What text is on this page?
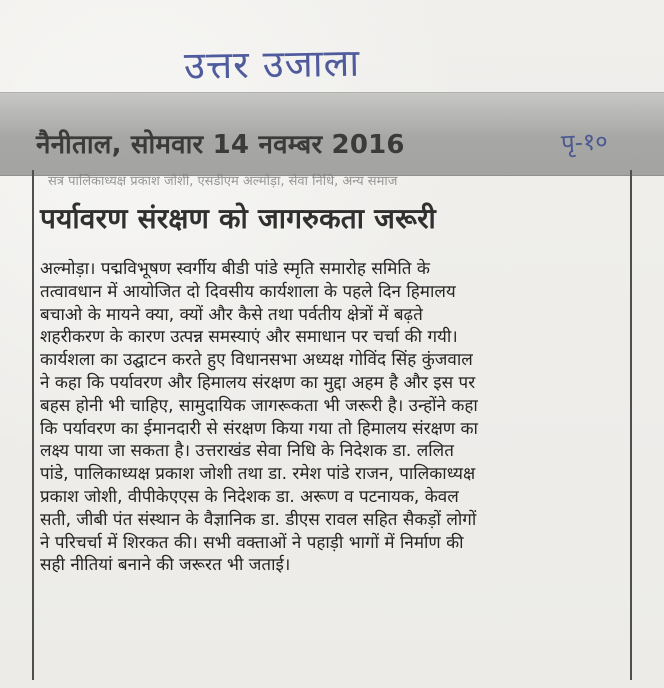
उत्तर उजाला
नैनीताल, सोमवार 14 नवम्बर 2016	पृ-१०
सत्र पालिकाध्यक्ष प्रकाश जोशी, एसडीएम अल्मोड़ा, सेवा निधि, अन्य समाज
पर्यावरण संरक्षण को जागरुकता जरूरी
अल्मोड़ा। पद्मविभूषण स्वर्गीय बीडी पांडे स्मृति समारोह समिति के
तत्वावधान में आयोजित दो दिवसीय कार्यशाला के पहले दिन हिमालय
बचाओ के मायने क्या, क्यों और कैसे तथा पर्वतीय क्षेत्रों में बढ़ते
शहरीकरण के कारण उत्पन्न समस्याएं और समाधान पर चर्चा की गयी।
कार्यशला का उद्घाटन करते हुए विधानसभा अध्यक्ष गोविंद सिंह कुंजवाल
ने कहा कि पर्यावरण और हिमालय संरक्षण का मुद्दा अहम है और इस पर
बहस होनी भी चाहिए, सामुदायिक जागरूकता भी जरूरी है। उन्होंने कहा
कि पर्यावरण का ईमानदारी से संरक्षण किया गया तो हिमालय संरक्षण का
लक्ष्य पाया जा सकता है। उत्तराखंड सेवा निधि के निदेशक डा. ललित
पांडे, पालिकाध्यक्ष प्रकाश जोशी तथा डा. रमेश पांडे राजन, पालिकाध्यक्ष
प्रकाश जोशी, वीपीकेएएस के निदेशक डा. अरूण व पटनायक, केवल
सती, जीबी पंत संस्थान के वैज्ञानिक डा. डीएस रावल सहित सैकड़ों लोगों
ने परिचर्चा में शिरकत की। सभी वक्ताओं ने पहाड़ी भागों में निर्माण की
सही नीतियां बनाने की जरूरत भी जताई।
